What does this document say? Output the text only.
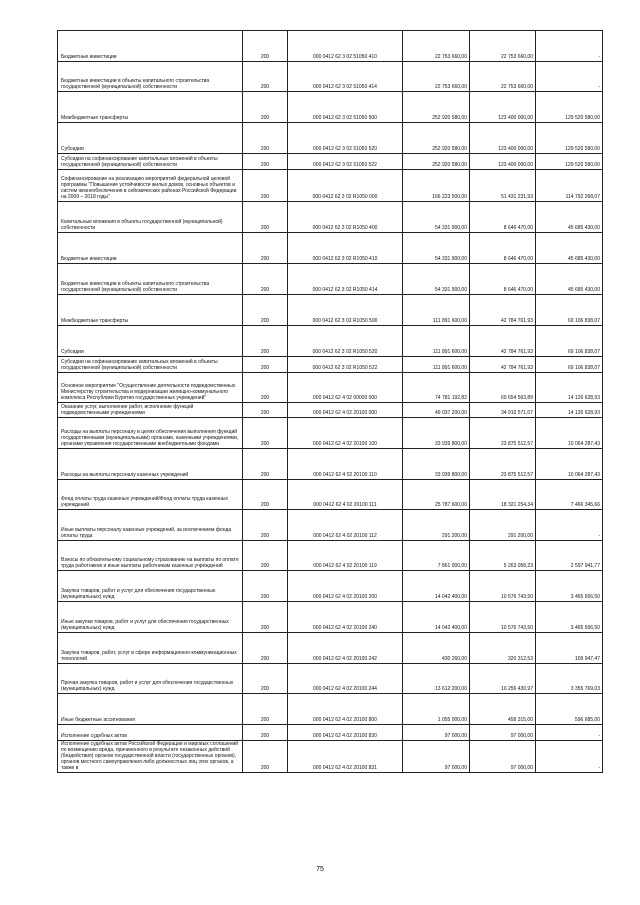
Бюджетные инвестиции	200	000 0412 62 3 02 51050 410	22 753 660,00	22 753 660,00	-
Бюджетные инвестиции в объекты капитального строительства государственной (муниципальной) собственности	200	000 0412 62 3 02 51050 414	22 753 660,00	22 753 660,00	-
Межбюджетные трансферты	200	000 0412 62 3 02 51050 500	252 920 580,00	123 400 000,00	129 520 580,00
Субсидии	200	000 0412 62 3 02 51050 520	252 920 580,00	123 400 000,00	129 520 580,00
Субсидии на софинансирование капитальных вложений в объекты государственной (муниципальной) собственности	200	000 0412 62 3 02 51050 522	252 920 580,00	123 400 000,00	129 520 580,00
Софинансирование на реализацию мероприятий федеральной целевой программы "Повышение устойчивости жилых домов, основных объектов и систем жизнеобеспечения в сейсмических районах Российской Федерации на 2009 – 2018 годы"	200	000 0412 62 3 02 R1050 000	166 223 500,00	51 431 231,93	114 792 268,07
Капитальные вложения в объекты государственной (муниципальной) собственности	200	000 0412 62 3 02 R1050 400	54 331 900,00	8 646 470,00	45 685 430,00
Бюджетные инвестиции	200	000 0412 62 3 02 R1050 410	54 331 900,00	8 646 470,00	45 685 430,00
Бюджетные инвестиции в объекты капитального строительства государственной (муниципальной) собственности	200	000 0412 62 3 02 R1050 414	54 331 900,00	8 646 470,00	45 685 430,00
Межбюджетные трансферты	200	000 0412 62 3 02 R1050 500	111 891 600,00	42 784 761,93	69 106 838,07
Субсидии	200	000 0412 62 3 02 R1050 520	111 891 600,00	42 784 761,93	69 106 838,07
Субсидии на софинансирование капитальных вложений в объекты государственной (муниципальной) собственности	200	000 0412 62 3 02 R1050 522	111 891 600,00	42 784 761,93	69 106 838,07
Основное мероприятие "Осуществление деятельности подведомственных Министерству строительства и модернизации жилищно-коммунального комплекса Республики Бурятия государственных учреждений"	200	000 0412 62 4 02 00000 000	74 781 192,82	60 654 563,89	14 126 628,93
Оказание услуг, выполнение работ, исполнение функций подведомственными учреждениями	200	000 0412 62 4 02 20100 000	49 037 200,00	34 910 571,07	14 126 628,93
Расходы на выплаты персоналу в целях обеспечения выполнения функций государственными (муниципальными) органами, казенными учреждениями, органами управления государственными внебюджетными фондами	200	000 0412 62 4 02 20100 100	33 939 800,00	23 875 512,57	10 064 287,43
Расходы на выплаты персоналу казенных учреждений	200	000 0412 62 4 02 20100 110	33 939 800,00	23 875 512,57	10 064 287,43
Фонд оплаты труда казенных учреждений/Фонд оплаты труда казенных учреждений	200	000 0412 62 4 02 20100 111	25 787 600,00	18 321 254,34	7 466 345,66
Иные выплаты персоналу казенных учреждений, за исключением фонда оплаты труда	200	000 0412 62 4 02 20100 112	291 200,00	291 200,00	-
Взносы по обязательному социальному страхованию на выплаты по оплате труда работников и иные выплаты работникам казенных учреждений	200	000 0412 62 4 02 20100 119	7 861 000,00	5 263 058,23	2 597 941,77
Закупка товаров, работ и услуг для обеспечения государственных (муниципальных) нужд	200	000 0412 62 4 02 20100 200	14 042 400,00	10 576 743,50	3 465 656,50
Иные закупки товаров, работ и услуг для обеспечения государственных (муниципальных) нужд	200	000 0412 62 4 02 20100 240	14 042 400,00	10 576 743,50	3 465 656,50
Закупка товаров, работ, услуг в сфере информационно-коммуникационных технологий	200	000 0412 62 4 02 20100 242	430 260,00	320 312,53	109 947,47
Прочая закупка товаров, работ и услуг для обеспечения государственных (муниципальных) нужд	200	000 0412 62 4 02 20100 244	13 612 200,00	10 256 430,97	3 355 769,03
Иные бюджетные ассигнования	200	000 0412 62 4 02 20100 800	1 055 000,00	458 315,00	596 685,00
Исполнение судебных актов	200	000 0412 62 4 02 20100 830	97 000,00	97 000,00	-
Исполнение судебных актов Российской Федерации и мировых соглашений по возмещению вреда, причиненного в результате незаконных действий (бездействия) органов государственной власти (государственных органов), органов местного самоуправления либо должностных лиц этих органов, а также в	200	000 0412 62 4 02 20100 831	97 000,00	97 000,00	-
75
